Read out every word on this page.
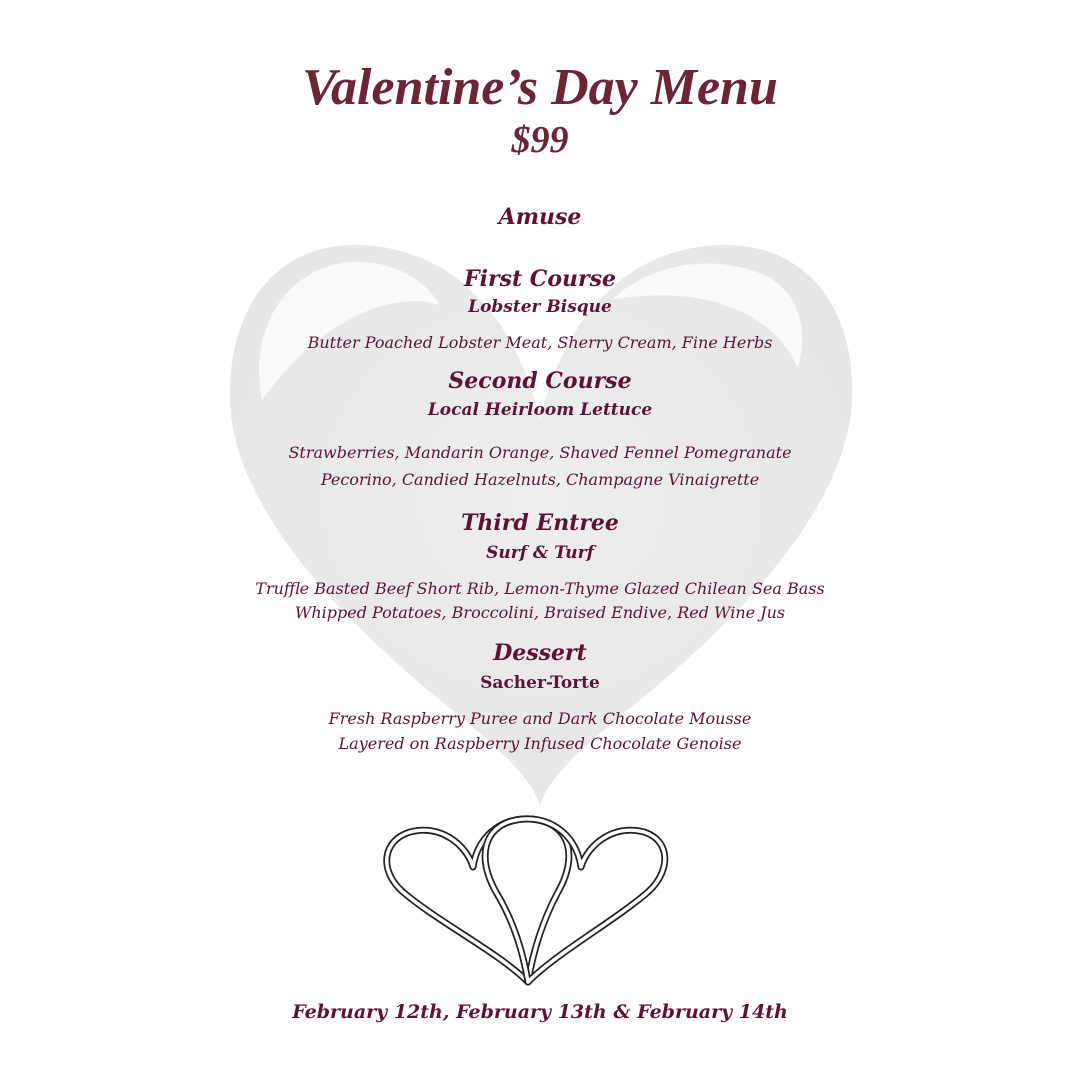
Valentine’s Day Menu
$99
Amuse
First Course
Lobster Bisque
Butter Poached Lobster Meat, Sherry Cream, Fine Herbs
Second Course
Local Heirloom Lettuce
Strawberries, Mandarin Orange, Shaved Fennel Pomegranate
Pecorino, Candied Hazelnuts, Champagne Vinaigrette
Third Entree
Surf & Turf
Truffle Basted Beef Short Rib, Lemon-Thyme Glazed Chilean Sea Bass
Whipped Potatoes, Broccolini, Braised Endive, Red Wine Jus
Dessert
Sacher-Torte
Fresh Raspberry Puree and Dark Chocolate Mousse
Layered on Raspberry Infused Chocolate Genoise
February 12th, February 13th & February 14th
